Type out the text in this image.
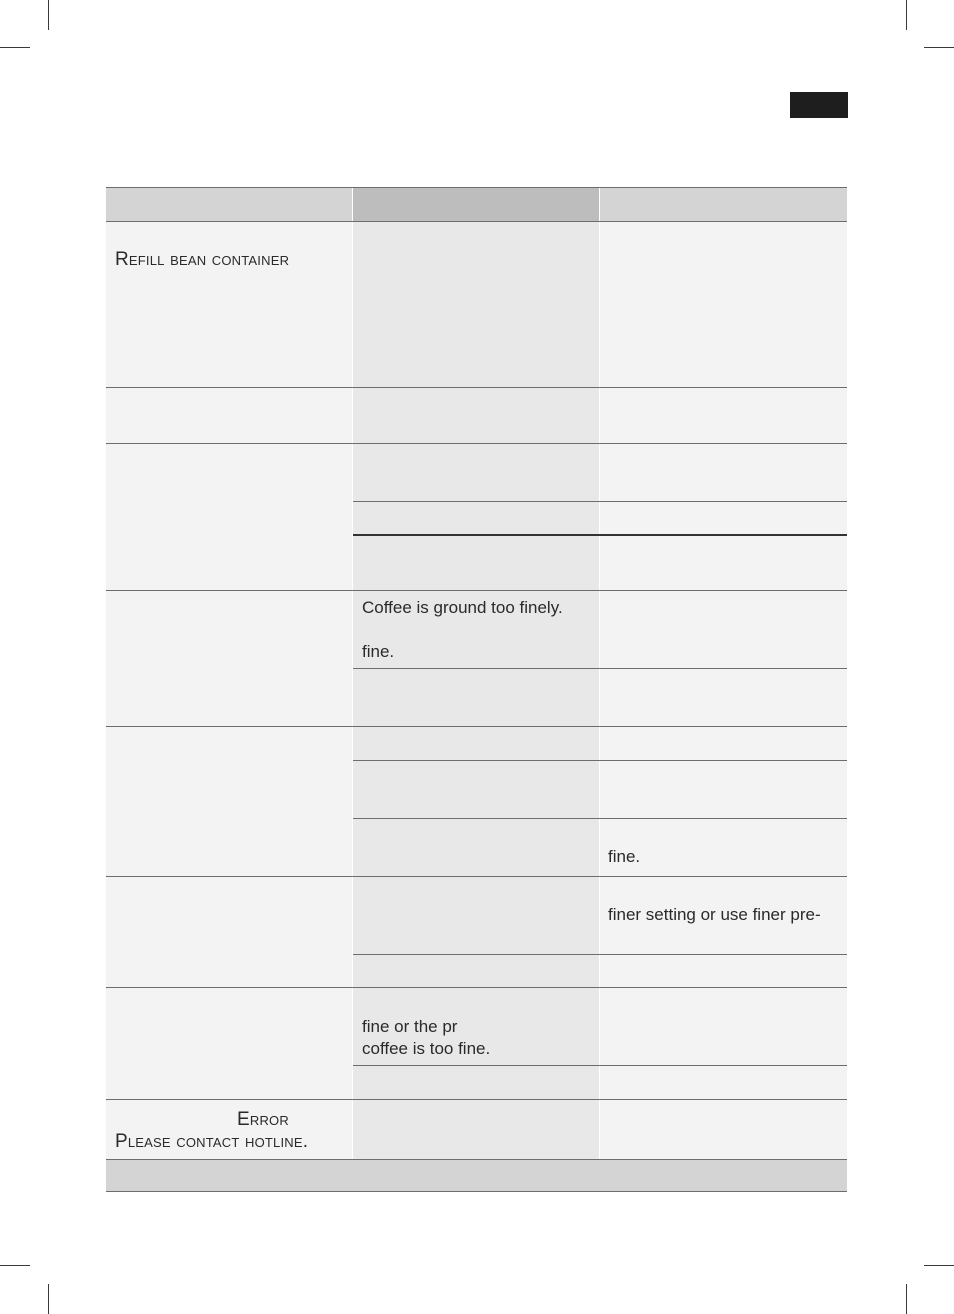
Refill bean container
Coffee is ground too finely.
fine.
fine.
finer setting or use finer pre-
fine or the pr
coffee is too fine.
Error
Please contact hotline.
